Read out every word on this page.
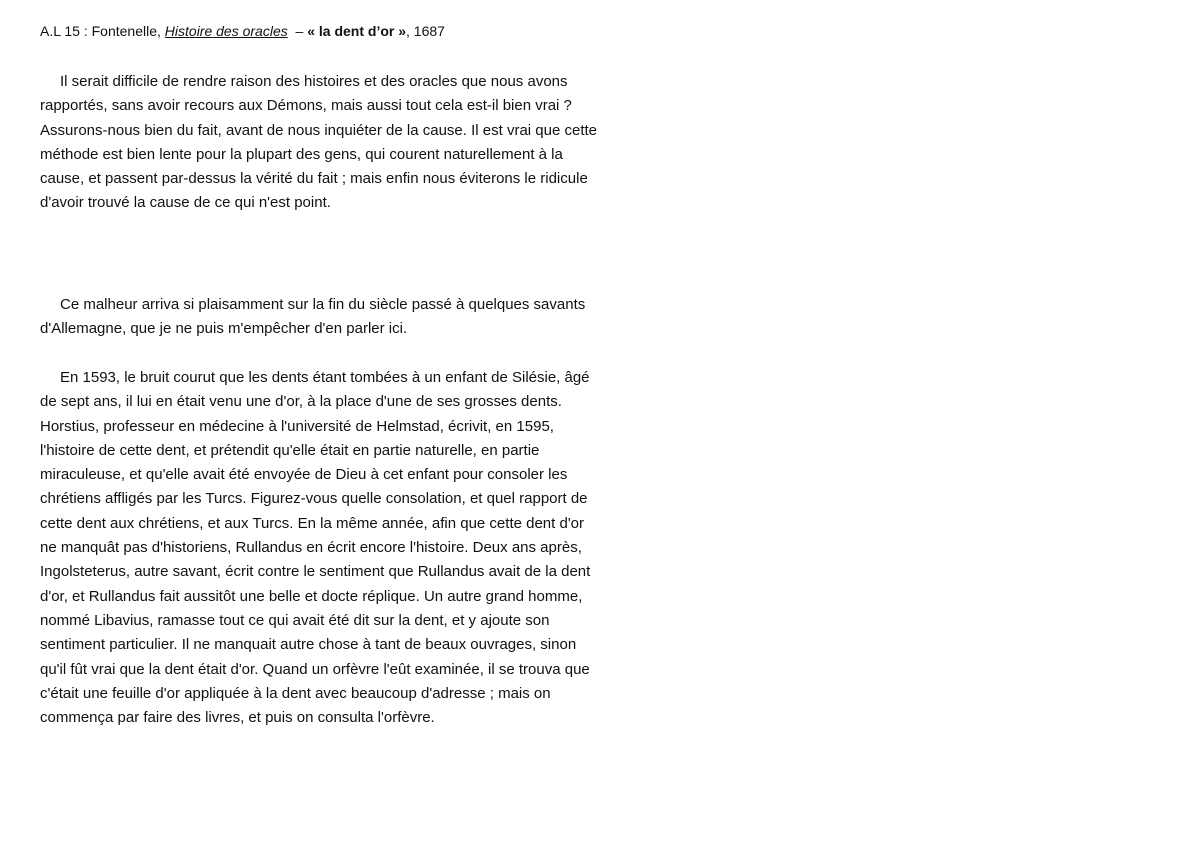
A.L 15 : Fontenelle, Histoire des oracles  – « la dent d’or », 1687

Il serait difficile de rendre raison des histoires et des oracles que nous avons rapportés, sans avoir recours aux Démons, mais aussi tout cela est-il bien vrai ? Assurons-nous bien du fait, avant de nous inquiéter de la cause. Il est vrai que cette méthode est bien lente pour la plupart des gens, qui courent naturellement à la cause, et passent par-dessus la vérité du fait ; mais enfin nous éviterons le ridicule d'avoir trouvé la cause de ce qui n'est point.

Ce malheur arriva si plaisamment sur la fin du siècle passé à quelques savants d'Allemagne, que je ne puis m'empêcher d'en parler ici.

En 1593, le bruit courut que les dents étant tombées à un enfant de Silésie, âgé de sept ans, il lui en était venu une d'or, à la place d'une de ses grosses dents. Horstius, professeur en médecine à l'université de Helmstad, écrivit, en 1595, l'histoire de cette dent, et prétendit qu'elle était en partie naturelle, en partie miraculeuse, et qu'elle avait été envoyée de Dieu à cet enfant pour consoler les chrétiens affligés par les Turcs. Figurez-vous quelle consolation, et quel rapport de cette dent aux chrétiens, et aux Turcs. En la même année, afin que cette dent d'or ne manquât pas d'historiens, Rullandus en écrit encore l'histoire. Deux ans après, Ingolsteterus, autre savant, écrit contre le sentiment que Rullandus avait de la dent d'or, et Rullandus fait aussitôt une belle et docte réplique. Un autre grand homme, nommé Libavius, ramasse tout ce qui avait été dit sur la dent, et y ajoute son sentiment particulier. Il ne manquait autre chose à tant de beaux ouvrages, sinon qu'il fût vrai que la dent était d'or. Quand un orfèvre l'eût examinée, il se trouva que c'était une feuille d'or appliquée à la dent avec beaucoup d'adresse ; mais on commença par faire des livres, et puis on consulta l'orfèvre.
